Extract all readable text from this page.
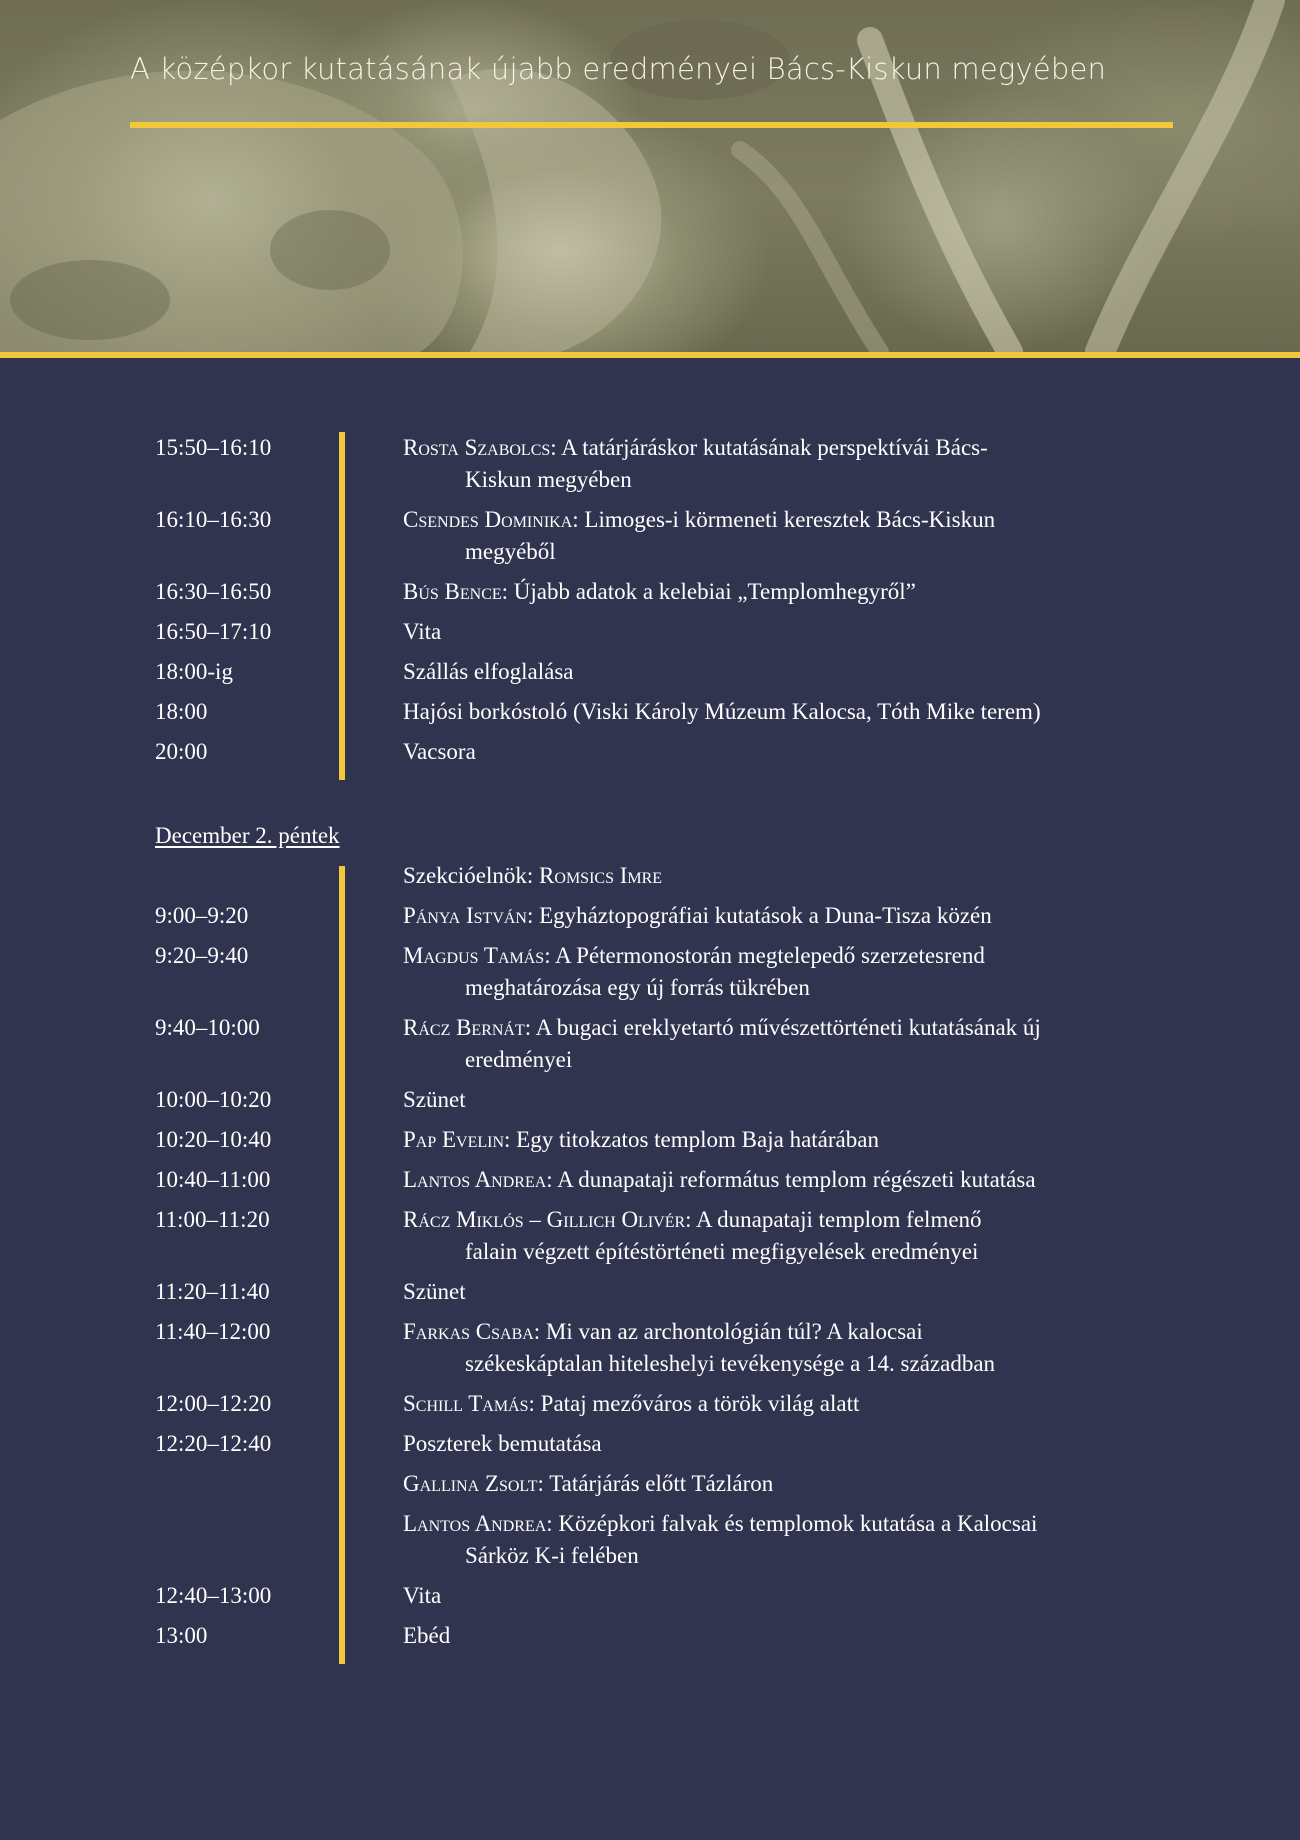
A középkor kutatásának újabb eredményei Bács-Kiskun megyében
15:50–16:10	Rosta Szabolcs: A tatárjáráskor kutatásának perspektívái Bács-
Kiskun megyében
16:10–16:30	Csendes Dominika: Limoges-i körmeneti keresztek Bács-Kiskun
megyéből
16:30–16:50	Bús Bence: Újabb adatok a kelebiai „Templomhegyről”
16:50–17:10	Vita
18:00-ig	Szállás elfoglalása
18:00	Hajósi borkóstoló (Viski Károly Múzeum Kalocsa, Tóth Mike terem)
20:00	Vacsora
December 2. péntek
Szekcióelnök: Romsics Imre
9:00–9:20	Pánya István: Egyháztopográfiai kutatások a Duna-Tisza közén
9:20–9:40	Magdus Tamás: A Pétermonostorán megtelepedő szerzetesrend
meghatározása egy új forrás tükrében
9:40–10:00	Rácz Bernát: A bugaci ereklyetartó művészettörténeti kutatásának új
eredményei
10:00–10:20	Szünet
10:20–10:40	Pap Evelin: Egy titokzatos templom Baja határában
10:40–11:00	Lantos Andrea: A dunapataji református templom régészeti kutatása
11:00–11:20	Rácz Miklós – Gillich Olivér: A dunapataji templom felmenő
falain végzett építéstörténeti megfigyelések eredményei
11:20–11:40	Szünet
11:40–12:00	Farkas Csaba: Mi van az archontológián túl? A kalocsai
székeskáptalan hiteleshelyi tevékenysége a 14. században
12:00–12:20	Schill Tamás: Pataj mezőváros a török világ alatt
12:20–12:40	Poszterek bemutatása
Gallina Zsolt: Tatárjárás előtt Tázláron
Lantos Andrea: Középkori falvak és templomok kutatása a Kalocsai
Sárköz K-i felében
12:40–13:00	Vita
13:00	Ebéd
